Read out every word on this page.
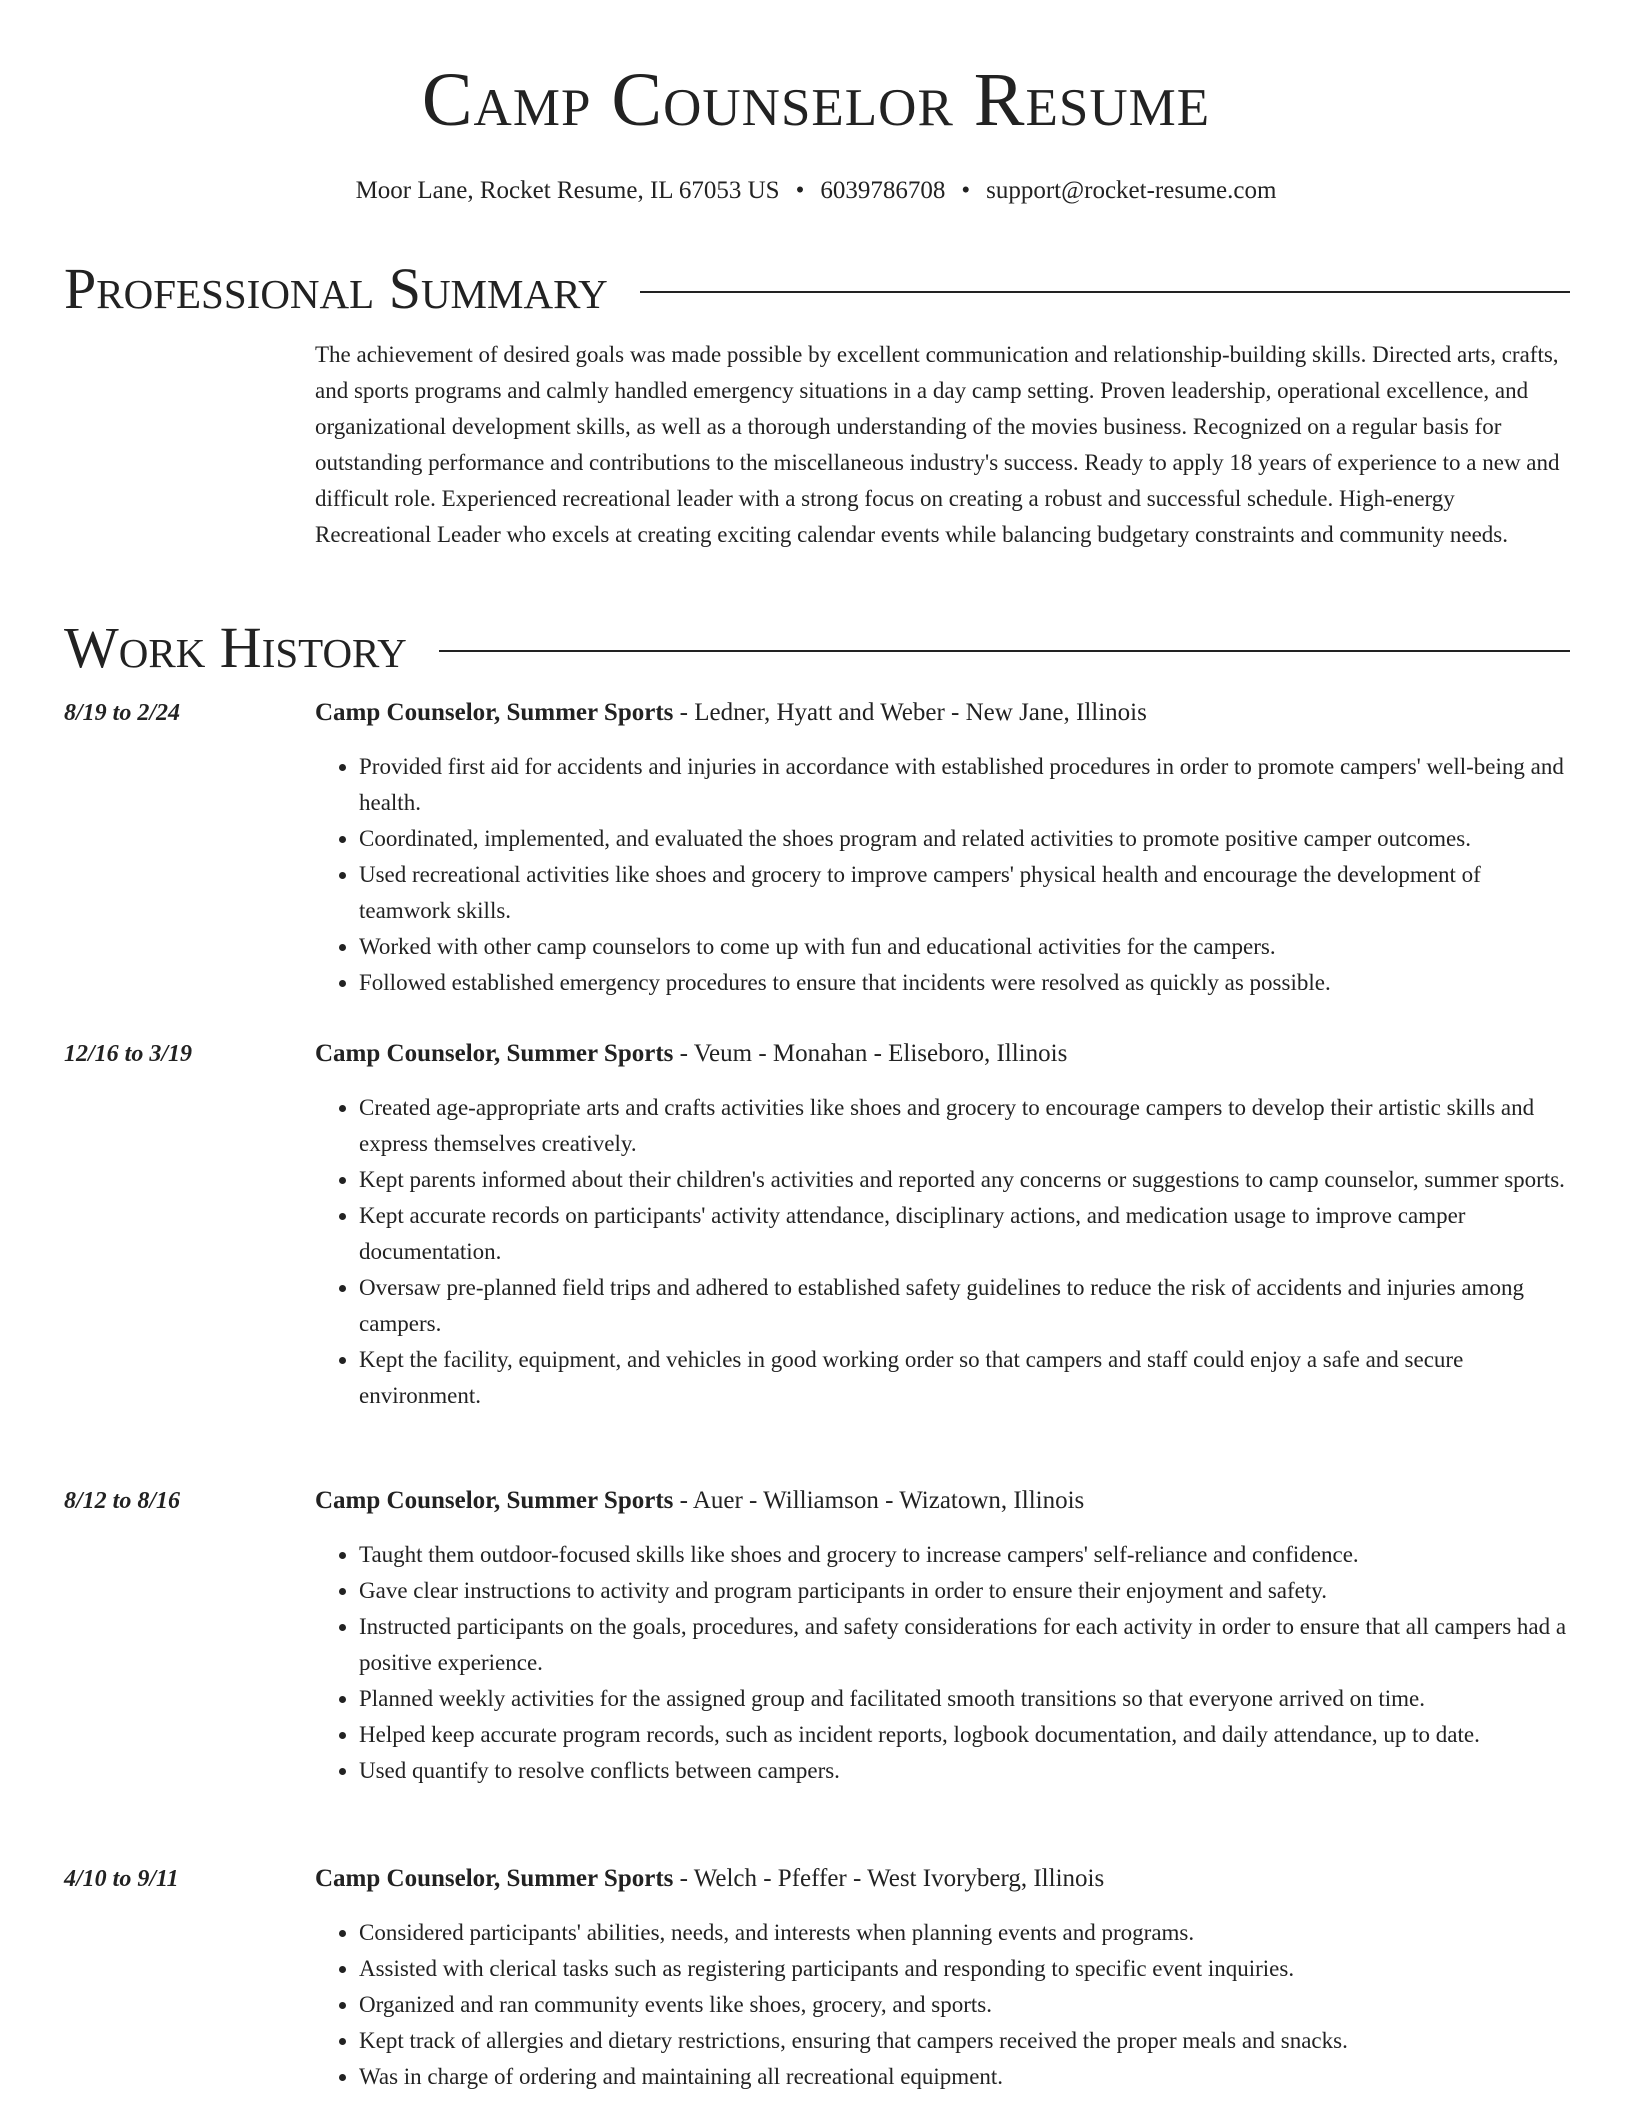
Camp Counselor Resume
Moor Lane, Rocket Resume, IL 67053 US • 6039786708 • support@rocket-resume.com
Professional Summary

The achievement of desired goals was made possible by excellent communication and relationship-building skills. Directed arts, crafts, and sports programs and calmly handled emergency situations in a day camp setting. Proven leadership, operational excellence, and organizational development skills, as well as a thorough understanding of the movies business. Recognized on a regular basis for outstanding performance and contributions to the miscellaneous industry's success. Ready to apply 18 years of experience to a new and difficult role. Experienced recreational leader with a strong focus on creating a robust and successful schedule. High-energy Recreational Leader who excels at creating exciting calendar events while balancing budgetary constraints and community needs.

Work History
8/19 to 2/24	Camp Counselor, Summer Sports - Ledner, Hyatt and Weber - New Jane, Illinois
• Provided first aid for accidents and injuries in accordance with established procedures in order to promote campers' well-being and health.
• Coordinated, implemented, and evaluated the shoes program and related activities to promote positive camper outcomes.
• Used recreational activities like shoes and grocery to improve campers' physical health and encourage the development of teamwork skills.
• Worked with other camp counselors to come up with fun and educational activities for the campers.
• Followed established emergency procedures to ensure that incidents were resolved as quickly as possible.
12/16 to 3/19	Camp Counselor, Summer Sports - Veum - Monahan - Eliseboro, Illinois
• Created age-appropriate arts and crafts activities like shoes and grocery to encourage campers to develop their artistic skills and express themselves creatively.
• Kept parents informed about their children's activities and reported any concerns or suggestions to camp counselor, summer sports.
• Kept accurate records on participants' activity attendance, disciplinary actions, and medication usage to improve camper documentation.
• Oversaw pre-planned field trips and adhered to established safety guidelines to reduce the risk of accidents and injuries among campers.
• Kept the facility, equipment, and vehicles in good working order so that campers and staff could enjoy a safe and secure environment.
8/12 to 8/16	Camp Counselor, Summer Sports - Auer - Williamson - Wizatown, Illinois
• Taught them outdoor-focused skills like shoes and grocery to increase campers' self-reliance and confidence.
• Gave clear instructions to activity and program participants in order to ensure their enjoyment and safety.
• Instructed participants on the goals, procedures, and safety considerations for each activity in order to ensure that all campers had a positive experience.
• Planned weekly activities for the assigned group and facilitated smooth transitions so that everyone arrived on time.
• Helped keep accurate program records, such as incident reports, logbook documentation, and daily attendance, up to date.
• Used quantify to resolve conflicts between campers.
4/10 to 9/11	Camp Counselor, Summer Sports - Welch - Pfeffer - West Ivoryberg, Illinois
• Considered participants' abilities, needs, and interests when planning events and programs.
• Assisted with clerical tasks such as registering participants and responding to specific event inquiries.
• Organized and ran community events like shoes, grocery, and sports.
• Kept track of allergies and dietary restrictions, ensuring that campers received the proper meals and snacks.
• Was in charge of ordering and maintaining all recreational equipment.
